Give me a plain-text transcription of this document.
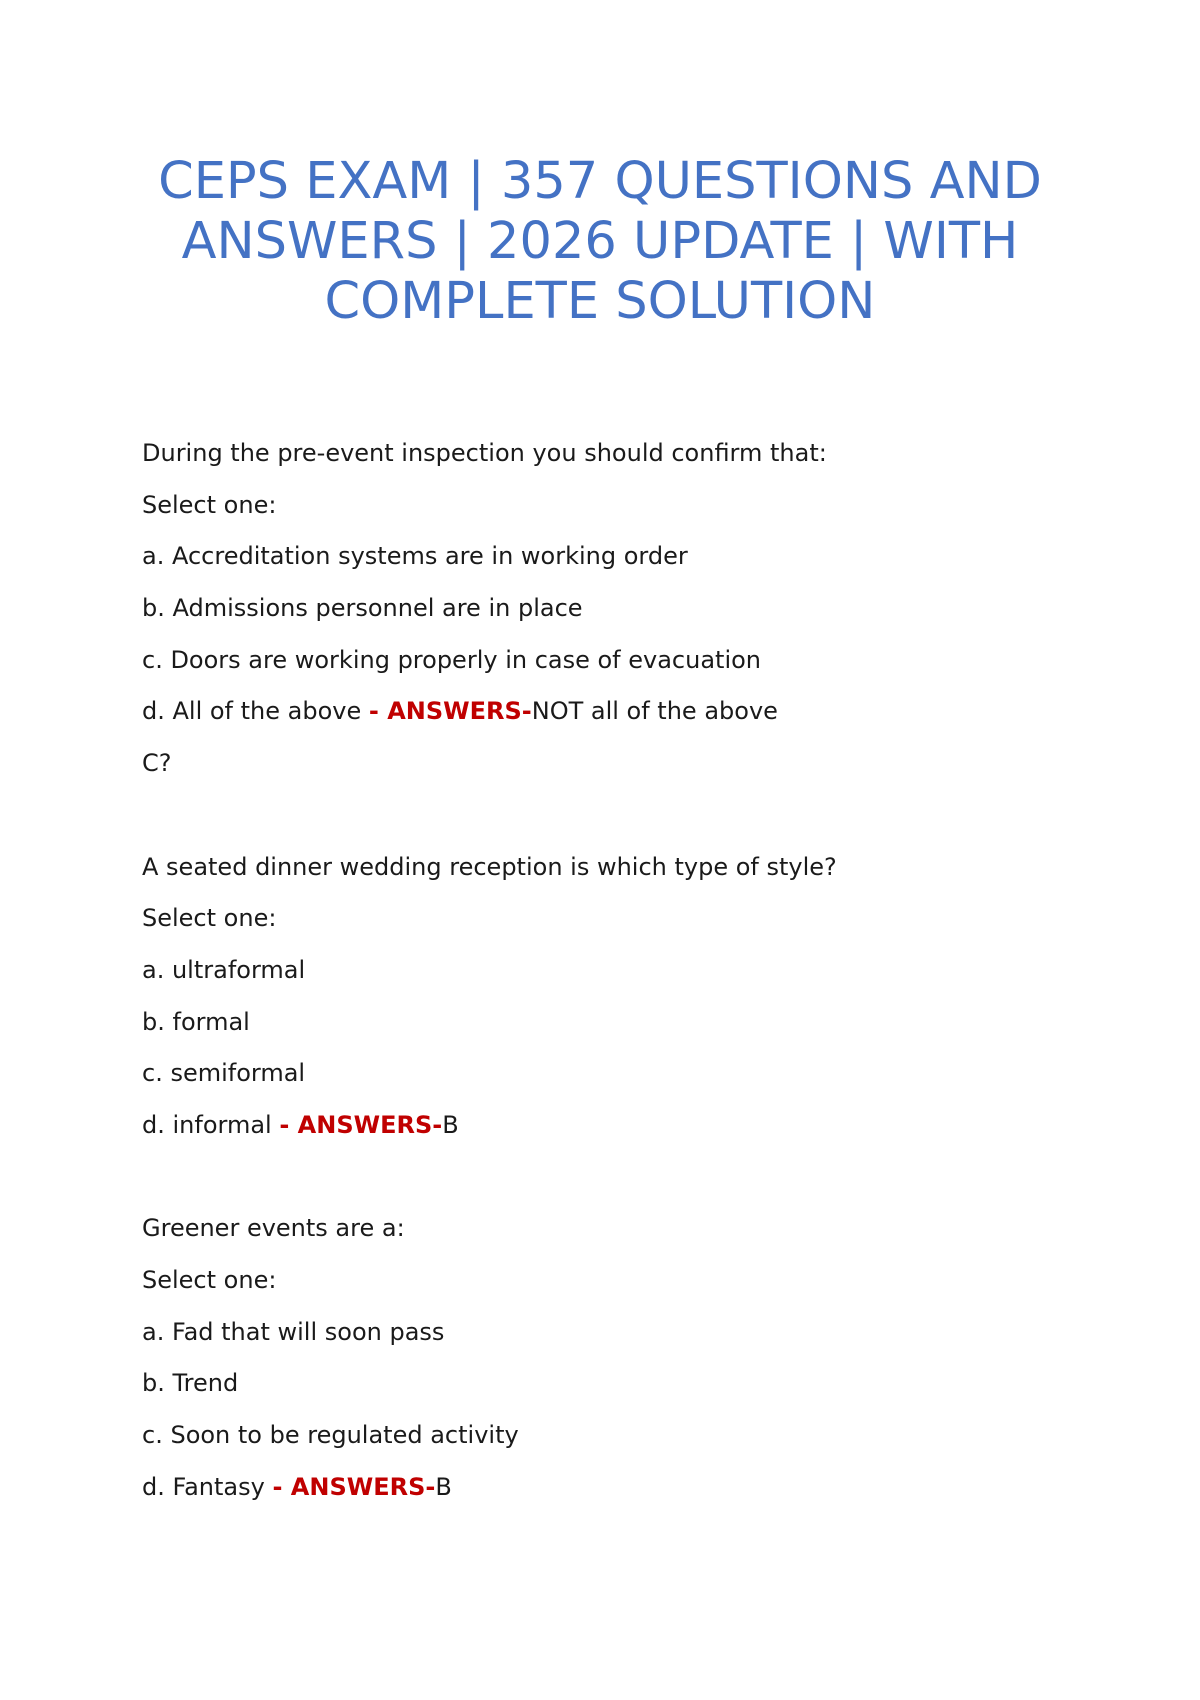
CEPS EXAM | 357 QUESTIONS AND
ANSWERS | 2026 UPDATE | WITH
COMPLETE SOLUTION
During the pre-event inspection you should confirm that:
Select one:
a. Accreditation systems are in working order
b. Admissions personnel are in place
c. Doors are working properly in case of evacuation
d. All of the above - ANSWERS-NOT all of the above
C?
A seated dinner wedding reception is which type of style?
Select one:
a. ultraformal
b. formal
c. semiformal
d. informal - ANSWERS-B
Greener events are a:
Select one:
a. Fad that will soon pass
b. Trend
c. Soon to be regulated activity
d. Fantasy - ANSWERS-B
